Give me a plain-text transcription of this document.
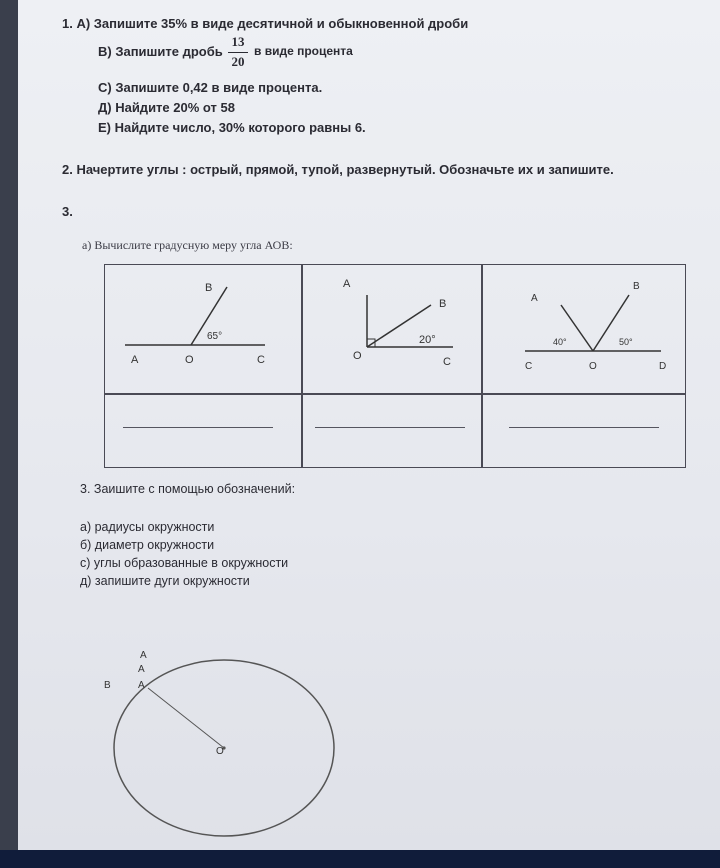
1. А) Запишите 35% в виде десятичной и обыкновенной дроби
В) Запишите дробь
13
20
в виде процента
С) Запишите 0,42 в виде процента.
Д) Найдите 20% от 58
Е) Найдите число, 30% которого равны 6.
2. Начертите углы : острый, прямой, тупой, развернутый. Обозначьте их и запишите.
3.
а) Вычислите градусную меру угла АОВ:
B
65°
A	O	C
A
B
20°
O	C
A
B
40°	50°
C	O	D
3. Заишите с помощью обозначений:
а) радиусы окружности
б) диаметр окружности
с) углы образованные в окружности
д) запишите дуги окружности
A
A
A
B
O
